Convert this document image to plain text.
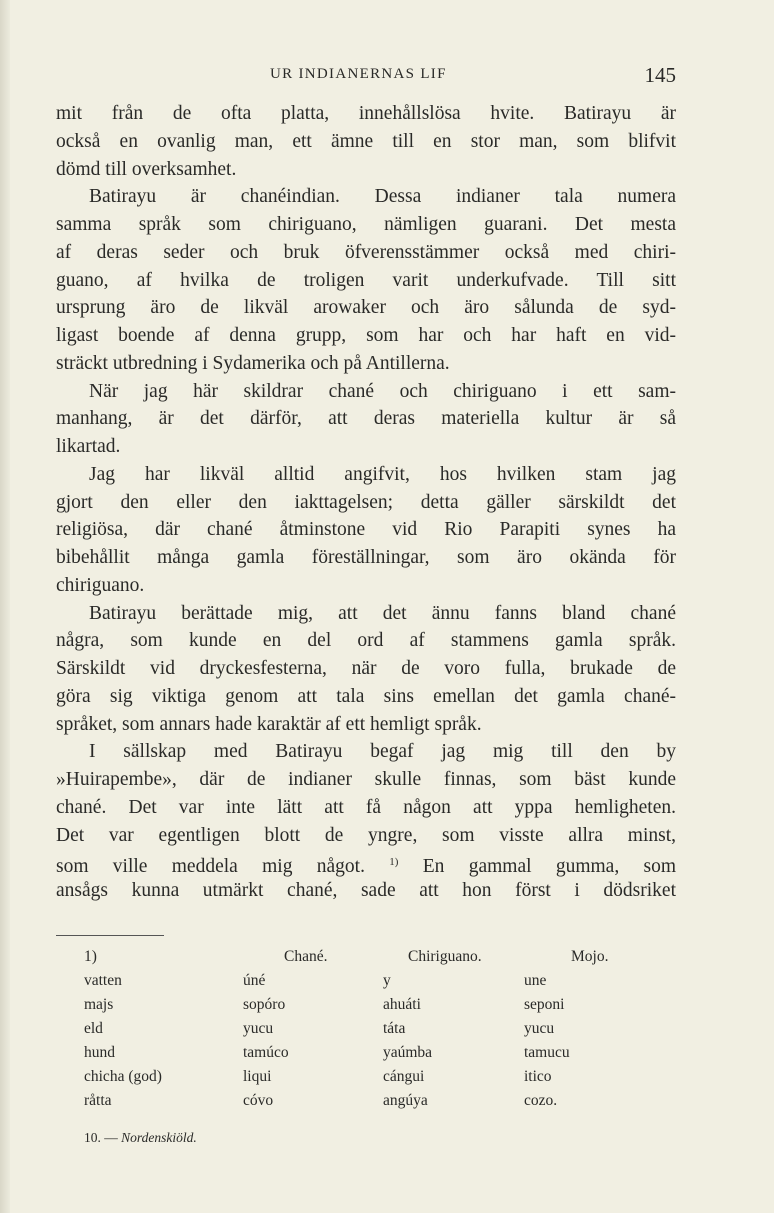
UR INDIANERNAS LIF	145
mit från de ofta platta, innehållslösa hvite. Batirayu är
också en ovanlig man, ett ämne till en stor man, som blifvit
dömd till overksamhet.
Batirayu är chanéindian. Dessa indianer tala numera
samma språk som chiriguano, nämligen guarani. Det mesta
af deras seder och bruk öfverensstämmer också med chiri-
guano, af hvilka de troligen varit underkufvade. Till sitt
ursprung äro de likväl arowaker och äro sålunda de syd-
ligast boende af denna grupp, som har och har haft en vid-
sträckt utbredning i Sydamerika och på Antillerna.
När jag här skildrar chané och chiriguano i ett sam-
manhang, är det därför, att deras materiella kultur är så
likartad.
Jag har likväl alltid angifvit, hos hvilken stam jag
gjort den eller den iakttagelsen; detta gäller särskildt det
religiösa, där chané åtminstone vid Rio Parapiti synes ha
bibehållit många gamla föreställningar, som äro okända för
chiriguano.
Batirayu berättade mig, att det ännu fanns bland chané
några, som kunde en del ord af stammens gamla språk.
Särskildt vid dryckesfesterna, när de voro fulla, brukade de
göra sig viktiga genom att tala sins emellan det gamla chané-
språket, som annars hade karaktär af ett hemligt språk.
I sällskap med Batirayu begaf jag mig till den by
»Huirapembe», där de indianer skulle finnas, som bäst kunde
chané. Det var inte lätt att få någon att yppa hemligheten.
Det var egentligen blott de yngre, som visste allra minst,
som ville meddela mig något. $^{1)}$ En gammal gumma, som
ansågs kunna utmärkt chané, sade att hon först i dödsriket
1)	Chané.	Chiriguano.	Mojo.
vatten	úné	y	une
majs	sopóro	ahuáti	seponi
eld	yucu	táta	yucu
hund	tamúco	yaúmba	tamucu
chicha (god)	liqui	cángui	itico
råtta	cóvo	angúya	cozo.
10. — Nordenskiöld.
